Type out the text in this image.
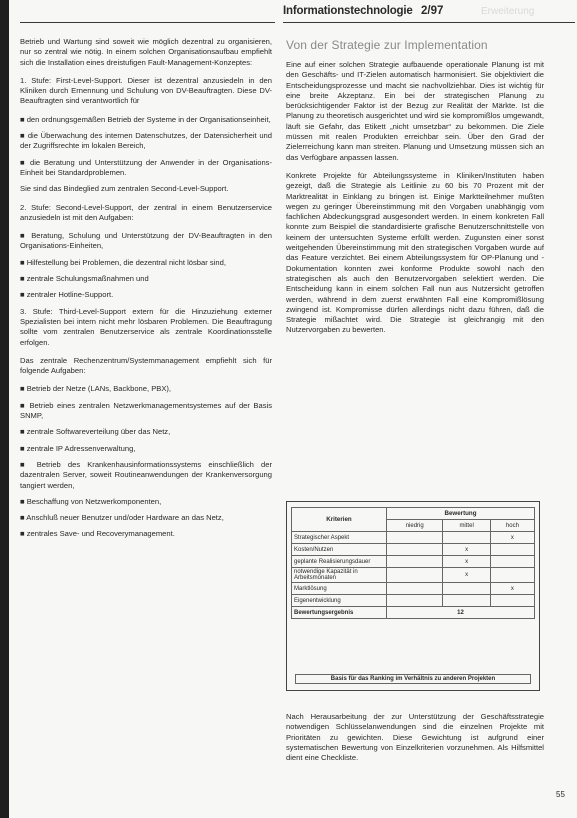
Informationstechnologie 2/97	Erweiterung

Betrieb und Wartung sind soweit wie möglich dezentral zu organisieren, nur so zentral wie nötig. In einem solchen Organisationsaufbau empfiehlt sich die Installation eines dreistufigen Fault-Management-Konzeptes:

1. Stufe: First-Level-Support. Dieser ist dezentral anzusiedeln in den Kliniken durch Ernennung und Schulung von DV-Beauftragten. Diese DV-Beauftragten sind verantwortlich für

■ den ordnungsgemäßen Betrieb der Systeme in der Organisationseinheit,

■ die Überwachung des internen Datenschutzes, der Datensicherheit und der Zugriffsrechte im lokalen Bereich,

■ die Beratung und Unterstützung der Anwender in der Organisations-Einheit bei Standardproblemen.

Sie sind das Bindeglied zum zentralen Second-Level-Support.

2. Stufe: Second-Level-Support, der zentral in einem Benutzerservice anzusiedeln ist mit den Aufgaben:

■ Beratung, Schulung und Unterstützung der DV-Beauftragten in den Organisations-Einheiten,

■ Hilfestellung bei Problemen, die dezentral nicht lösbar sind,

■ zentrale Schulungsmaßnahmen und

■ zentraler Hotline-Support.

3. Stufe: Third-Level-Support extern für die Hinzuziehung externer Spezialisten bei intern nicht mehr lösbaren Problemen. Die Beauftragung sollte vom zentralen Benutzerservice als zentrale Koordinationsstelle erfolgen.

Das zentrale Rechenzentrum/Systemmanagement empfiehlt sich für folgende Aufgaben:

■ Betrieb der Netze (LANs, Backbone, PBX),

■ Betrieb eines zentralen Netzwerkmanagementsystemes auf der Basis SNMP,

■ zentrale Softwareverteilung über das Netz,

■ zentrale IP Adressenverwaltung,

■ Betrieb des Krankenhausinformationssystems einschließlich der dazentralen Server, soweit Routineanwendungen der Krankenversorgung tangiert werden,

■ Beschaffung von Netzwerkomponenten,

■ Anschluß neuer Benutzer und/oder Hardware an das Netz,

■ zentrales Save- und Recoverymanagement.

Von der Strategie zur Implementation

Eine auf einer solchen Strategie aufbauende operationale Planung ist mit den Geschäfts- und IT-Zielen automatisch harmonisiert. Sie objektiviert die Entscheidungsprozesse und macht sie nachvollziehbar. Dies ist wichtig für eine breite Akzeptanz. Ein bei der strategischen Planung zu berücksichtigender Faktor ist der Bezug zur Realität der Märkte. Ist die Planung zu theoretisch ausgerichtet und wird sie kompromißlos umgewandt, läuft sie Gefahr, das Etikett „nicht umsetzbar“ zu bekommen. Die Ziele müssen mit realen Produkten erreichbar sein. Über den Grad der Zielerreichung kann man streiten. Planung und Umsetzung müssen sich an das Verfügbare anpassen lassen.

Konkrete Projekte für Abteilungssysteme in Kliniken/Instituten haben gezeigt, daß die Strategie als Leitlinie zu 60 bis 70 Prozent mit der Marktrealität in Einklang zu bringen ist. Einige Marktteilnehmer mußten wegen zu geringer Übereinstimmung mit den Vorgaben unabhängig vom fachlichen Abdeckungsgrad ausgesondert werden. In einem konkreten Fall konnte zum Beispiel die standardisierte grafische Benutzerschnittstelle von keinem der untersuchten Systeme erfüllt werden. Zugunsten einer sonst weitgehenden Übereinstimmung mit den strategischen Vorgaben wurde auf das Feature verzichtet. Bei einem Abteilungssystem für OP-Planung und -Dokumentation konnten zwei konforme Produkte sowohl nach den strategischen als auch den Benutzervorgaben selektiert werden. Die Entscheidung kann in einem solchen Fall nun aus Nutzersicht getroffen werden, während in dem zuerst erwähnten Fall eine Kompromißlösung zwingend ist. Kompromisse dürfen allerdings nicht dazu führen, daß die Strategie mißachtet wird. Die Strategie ist gleichrangig mit den Nutzervorgaben zu bewerten.

Kriterien	Bewertung		
	niedrig	mittel	hoch
Strategischer Aspekt			x
Kosten/Nutzen		x	
geplante Realisierungsdauer		x	
notwendige Kapazität in Arbeitsmonaten		x	
Marktlösung			x
Eigenentwicklung			
Bewertungsergebnis	12		
Basis für das Ranking im Verhältnis zu anderen Projekten
Nach Herausarbeitung der zur Unterstützung der Geschäftsstrategie notwendigen Schlüsselanwendungen sind die einzelnen Projekte mit Prioritäten zu gewichten. Diese Gewichtung ist aufgrund einer systematischen Bewertung von Einzelkriterien vorzunehmen. Als Hilfsmittel dient eine Checkliste.
55
